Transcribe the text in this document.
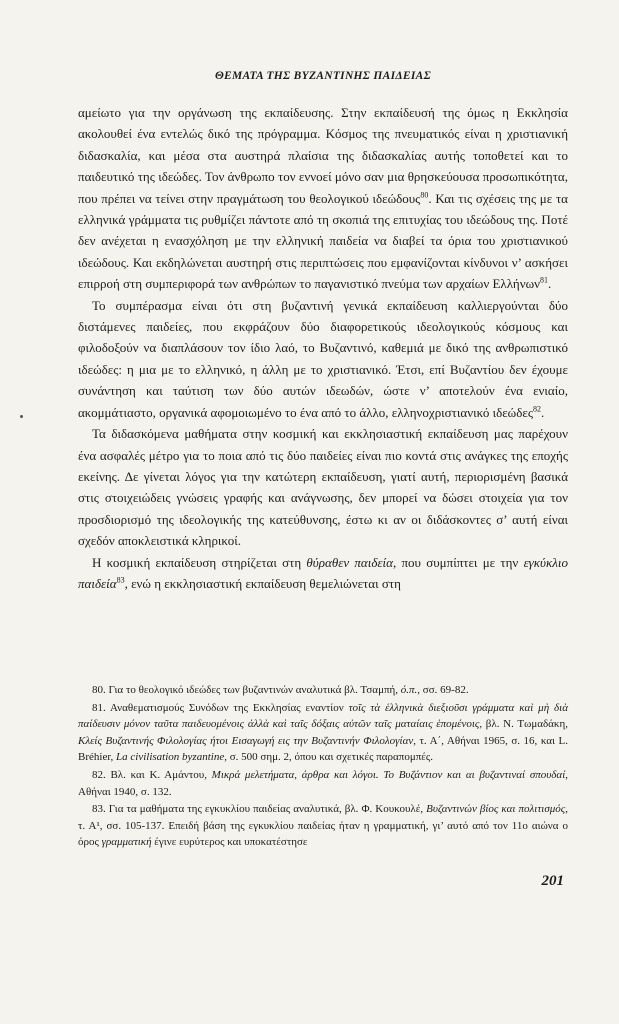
ΘΕΜΑΤΑ ΤΗΣ ΒΥΖΑΝΤΙΝΗΣ ΠΑΙΔΕΙΑΣ

αμείωτο για την οργάνωση της εκπαίδευσης. Στην εκπαίδευσή της όμως η Εκκλησία ακολουθεί ένα εντελώς δικό της πρόγραμμα. Κόσμος της πνευματικός είναι η χριστιανική διδασκαλία, και μέσα στα αυστηρά πλαίσια της διδασκαλίας αυτής τοποθετεί και το παιδευτικό της ιδεώδες. Τον άνθρωπο τον εννοεί μόνο σαν μια θρησκεύουσα προσωπικότητα, που πρέπει να τείνει στην πραγμάτωση του θεολογικού ιδεώδους$^{80}$. Και τις σχέσεις της με τα ελληνικά γράμματα τις ρυθμίζει πάντοτε από τη σκοπιά της επιτυχίας του ιδεώδους της. Ποτέ δεν ανέχεται η ενασχόληση με την ελληνική παιδεία να διαβεί τα όρια του χριστιανικού ιδεώδους. Και εκδηλώνεται αυστηρή στις περιπτώσεις που εμφανίζονται κίνδυνοι ν’ ασκήσει επιρροή στη συμπεριφορά των ανθρώπων το παγανιστικό πνεύμα των αρχαίων Ελλήνων$^{81}$.

Το συμπέρασμα είναι ότι στη βυζαντινή γενικά εκπαίδευση καλλιεργούνται δύο διστάμενες παιδείες, που εκφράζουν δύο διαφορετικούς ιδεολογικούς κόσμους και φιλοδοξούν να διαπλάσουν τον ίδιο λαό, το Βυζαντινό, καθεμιά με δικό της ανθρωπιστικό ιδεώδες: η μια με το ελληνικό, η άλλη με το χριστιανικό. Έτσι, επί Βυζαντίου δεν έχουμε συνάντηση και ταύτιση των δύο αυτών ιδεωδών, ώστε ν’ αποτελούν ένα ενιαίο, ακομμάτιαστο, οργανικά αφομοιωμένο το ένα από το άλλο, ελληνοχριστιανικό ιδεώδες$^{82}$.

Τα διδασκόμενα μαθήματα στην κοσμική και εκκλησιαστική εκπαίδευση μας παρέχουν ένα ασφαλές μέτρο για το ποια από τις δύο παιδείες είναι πιο κοντά στις ανάγκες της εποχής εκείνης. Δε γίνεται λόγος για την κατώτερη εκπαίδευση, γιατί αυτή, περιορισμένη βασικά στις στοιχειώδεις γνώσεις γραφής και ανάγνωσης, δεν μπορεί να δώσει στοιχεία για τον προσδιορισμό της ιδεολογικής της κατεύθυνσης, έστω κι αν οι διδάσκοντες σ’ αυτή είναι σχεδόν αποκλειστικά κληρικοί.

Η κοσμική εκπαίδευση στηρίζεται στη θύραθεν παιδεία, που συμπίπτει με την εγκύκλιο παιδεία$^{83}$, ενώ η εκκλησιαστική εκπαίδευση θεμελιώνεται στη

80. Για το θεολογικό ιδεώδες των βυζαντινών αναλυτικά βλ. Τσαμπή, ό.π., σσ. 69-82.

81. Αναθεματισμούς Συνόδων της Εκκλησίας εναντίον τοῖς τὰ ἑλληνικὰ διεξιοῦσι γράμματα καὶ μὴ διὰ παίδευσιν μόνον ταῦτα παιδευομένοις ἀλλὰ καὶ ταῖς δόξαις αὐτῶν ταῖς ματαίαις ἑπομένοις, βλ. Ν. Τωμαδάκη, Κλείς Βυζαντινής Φιλολογίας ήτοι Εισαγωγή εις την Βυζαντινήν Φιλολογίαν, τ. Α΄, Αθήναι 1965, σ. 16, και L. Bréhier, La civilisation byzantine, σ. 500 σημ. 2, όπου και σχετικές παραπομπές.

82. Βλ. και Κ. Αμάντου, Μικρά μελετήματα, άρθρα και λόγοι. Το Βυζάντιον και αι βυζαντιναί σπουδαί, Αθήναι 1940, σ. 132.

83. Για τα μαθήματα της εγκυκλίου παιδείας αναλυτικά, βλ. Φ. Κουκουλέ, Βυζαντινών βίος και πολιτισμός, τ. Α¹, σσ. 105-137. Επειδή βάση της εγκυκλίου παιδείας ήταν η γραμματική, γι’ αυτό από τον 11ο αιώνα ο όρος γραμματική έγινε ευρύτερος και υποκατέστησε

201
